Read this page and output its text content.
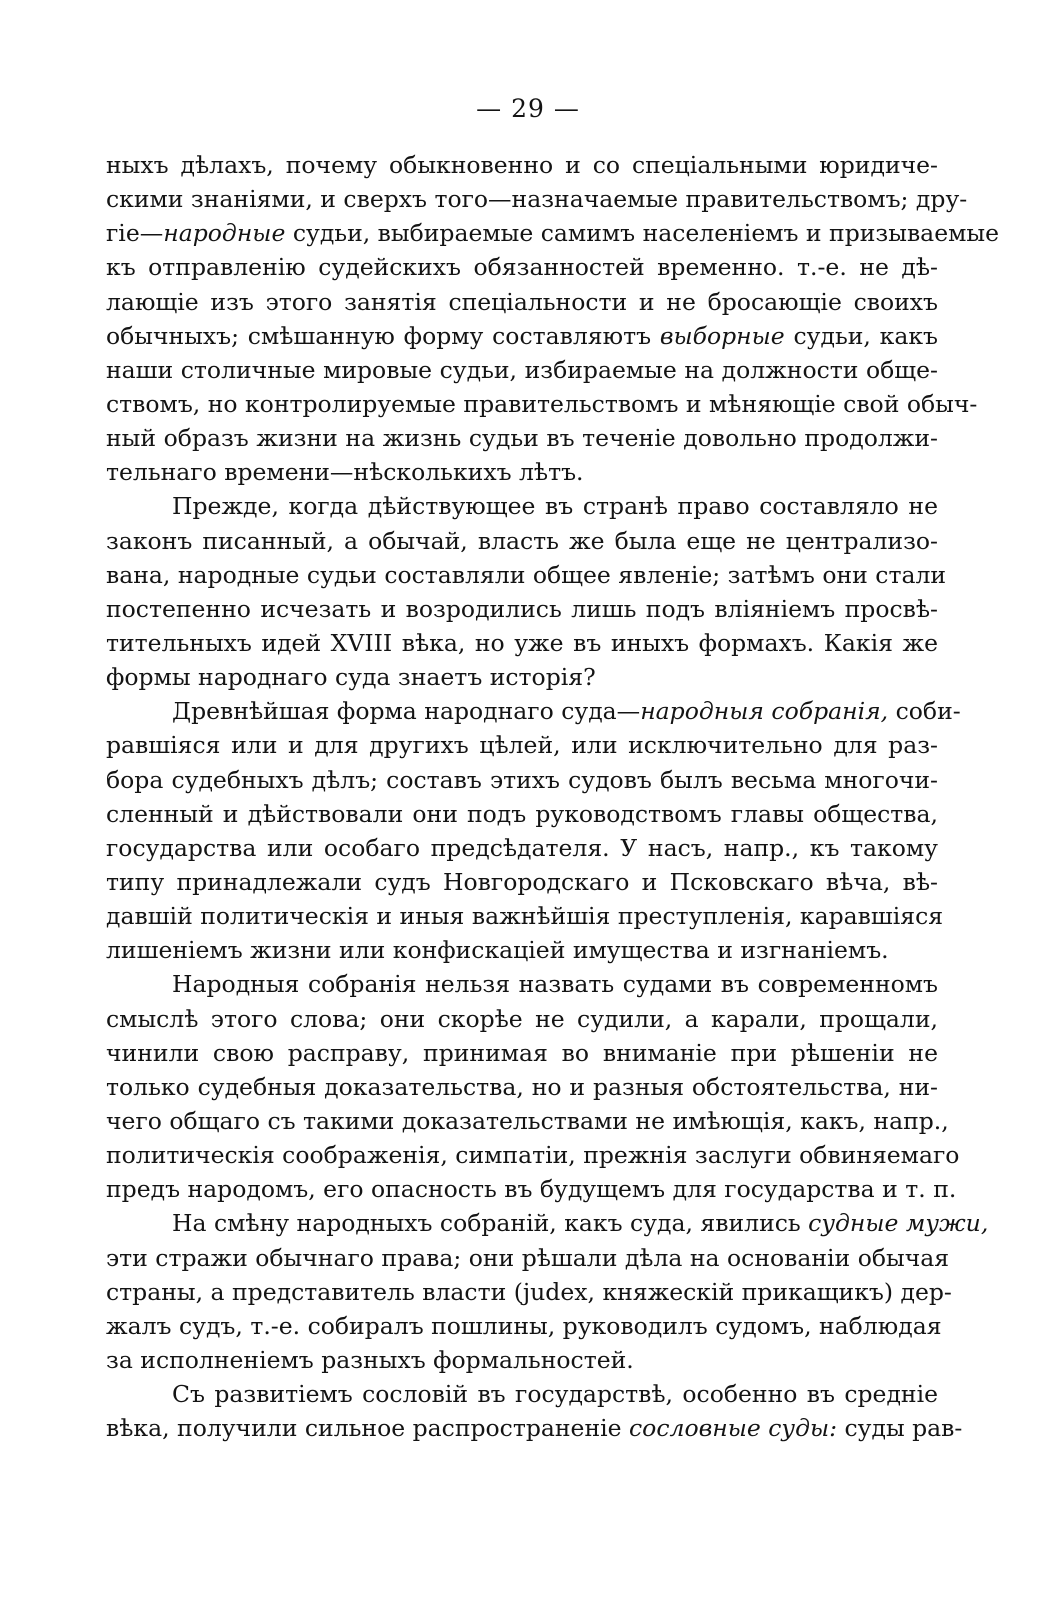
— 29 —
ныхъ дѣлахъ, почему обыкновенно и со спеціальными юридиче-
скими знаніями, и сверхъ того—назначаемые правительствомъ; дру-
гіе—народные судьи, выбираемые самимъ населеніемъ и призываемые
къ отправленію судейскихъ обязанностей временно. т.-е. не дѣ-
лающіе изъ этого занятія спеціальности и не бросающіе своихъ
обычныхъ; смѣшанную форму составляютъ выборные судьи, какъ
наши столичные мировые судьи, избираемые на должности обще-
ствомъ, но контролируемые правительствомъ и мѣняющіе свой обыч-
ный образъ жизни на жизнь судьи въ теченіе довольно продолжи-
тельнаго времени—нѣсколькихъ лѣтъ.
Прежде, когда дѣйствующее въ странѣ право составляло не
законъ писанный, а обычай, власть же была еще не централизо-
вана, народные судьи составляли общее явленіе; затѣмъ они стали
постепенно исчезать и возродились лишь подъ вліяніемъ просвѣ-
тительныхъ идей XVIII вѣка, но уже въ иныхъ формахъ. Какія же
формы народнаго суда знаетъ исторія?
Древнѣйшая форма народнаго суда—народныя собранія, соби-
равшіяся или и для другихъ цѣлей, или исключительно для раз-
бора судебныхъ дѣлъ; составъ этихъ судовъ былъ весьма многочи-
сленный и дѣйствовали они подъ руководствомъ главы общества,
государства или особаго предсѣдателя. У насъ, напр., къ такому
типу принадлежали судъ Новгородскаго и Псковскаго вѣча, вѣ-
давшій политическія и иныя важнѣйшія преступленія, каравшіяся
лишеніемъ жизни или конфискаціей имущества и изгнаніемъ.
Народныя собранія нельзя назвать судами въ современномъ
смыслѣ этого слова; они скорѣе не судили, а карали, прощали,
чинили свою расправу, принимая во вниманіе при рѣшеніи не
только судебныя доказательства, но и разныя обстоятельства, ни-
чего общаго съ такими доказательствами не имѣющія, какъ, напр.,
политическія соображенія, симпатіи, прежнія заслуги обвиняемаго
предъ народомъ, его опасность въ будущемъ для государства и т. п.
На смѣну народныхъ собраній, какъ суда, явились судные мужи,
эти стражи обычнаго права; они рѣшали дѣла на основаніи обычая
страны, а представитель власти (judex, княжескій прикащикъ) дер-
жалъ судъ, т.-е. собиралъ пошлины, руководилъ судомъ, наблюдая
за исполненіемъ разныхъ формальностей.
Съ развитіемъ сословій въ государствѣ, особенно въ средніе
вѣка, получили сильное распространеніе сословные суды: суды рав-
